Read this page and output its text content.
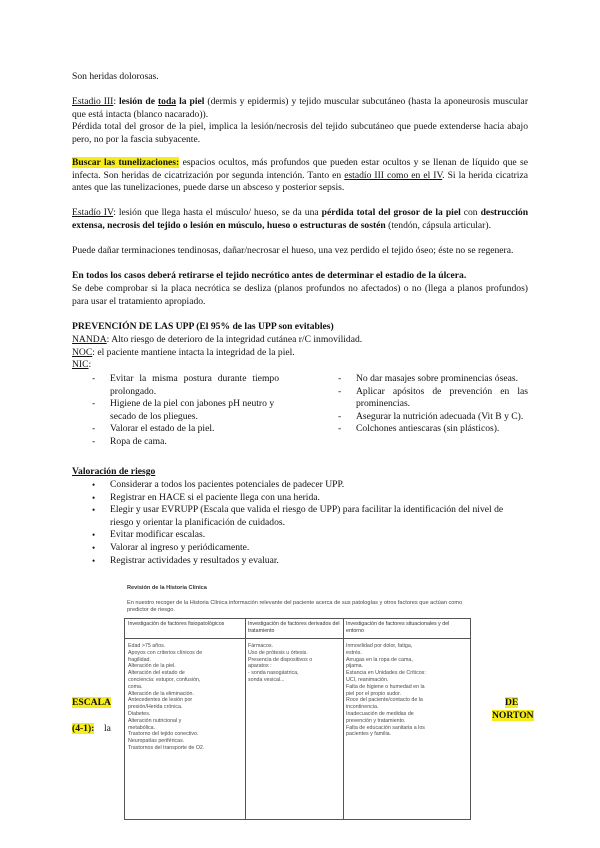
Son heridas dolorosas.

Estadio III: lesión de toda la piel (dermis y epidermis) y tejido muscular subcutáneo (hasta la aponeurosis muscular que está intacta (blanco nacarado)).

Pérdida total del grosor de la piel, implica la lesión/necrosis del tejido subcutáneo que puede extenderse hacia abajo pero, no por la fascia subyacente.

Buscar las tunelizaciones: espacios ocultos, más profundos que pueden estar ocultos y se llenan de líquido que se infecta. Son heridas de cicatrización por segunda intención. Tanto en estadío III como en el IV. Si la herida cicatriza antes que las tunelizaciones, puede darse un absceso y posterior sepsis.

Estadío IV: lesión que llega hasta el músculo/ hueso, se da una pérdida total del grosor de la piel con destrucción extensa, necrosis del tejido o lesión en músculo, hueso o estructuras de sostén (tendón, cápsula articular).

Puede dañar terminaciones tendinosas, dañar/necrosar el hueso, una vez perdido el tejido óseo; éste no se regenera.

En todos los casos deberá retirarse el tejido necrótico antes de determinar el estadio de la úlcera.

Se debe comprobar si la placa necrótica se desliza (planos profundos no afectados) o no (llega a planos profundos) para usar el tratamiento apropiado.

PREVENCIÓN DE LAS UPP (El 95% de las UPP son evitables)

NANDA: Alto riesgo de deterioro de la integridad cutánea r/C inmovilidad.

NOC: el paciente mantiene intacta la integridad de la piel.

NIC:

- Evitar la misma postura durante tiempo prolongado.
- Higiene de la piel con jabones pH neutro y secado de los pliegues.
- Valorar el estado de la piel.
- Ropa de cama.
- No dar masajes sobre prominencias óseas.
- Aplicar apósitos de prevención en las prominencias.
- Asegurar la nutrición adecuada (Vit B y C).
- Colchones antiescaras (sin plásticos).

Valoración de riesgo

• Considerar a todos los pacientes potenciales de padecer UPP.
• Registrar en HACE si el paciente llega con una herida.
• Elegir y usar EVRUPP (Escala que valida el riesgo de UPP) para facilitar la identificación del nivel de riesgo y orientar la planificación de cuidados.
• Evitar modificar escalas.
• Valorar al ingreso y periódicamente.
• Registrar actividades y resultados y evaluar.
Revisión de la Historia Clínica
En nuestro recoger de la Historia Clínica información relevante del paciente acerca de sus patologías y otros factores que actúan como predictor de riesgo.
Investigación de factores fisiopatológicos
Edad >75 años.
Apoyos con criterios clínicos de
fragilidad.
Alteración de la piel.
Alteración del estado de
conciencia: estupor, confusión,
coma.
Alteración de la eliminación.
Antecedentes de lesión por
presión/Herida crónica.
Diabetes.
Alteración nutricional y
metabólica.
Trastorno del tejido conectivo.
Neuropatías periféricas.
Trastornos del transporte de O2.
Investigación de factores derivados del tratamiento
Fármacos.
Uso de prótesis u órtesis.
Presencia de dispositivos o
aparatos :
- sonda nasogástrica,
sonda vesical...
Investigación de factores situacionales y del entorno
Inmovilidad por dolor, fatiga,
estrés.
Arrugas en la ropa de cama,
pijama.
Estancia en Unidades de Críticos:
UCI, reanimación.
Falta de higiene o humedad en la
piel por el propio sudor.
Roce del paciente/contacto de la
incontinencia.
Inadecuación de medidas de
prevención y tratamiento.
Falta de educación sanitaria a los
pacientes y familia.
ESCALA
(4-1): la
DE
NORTON
